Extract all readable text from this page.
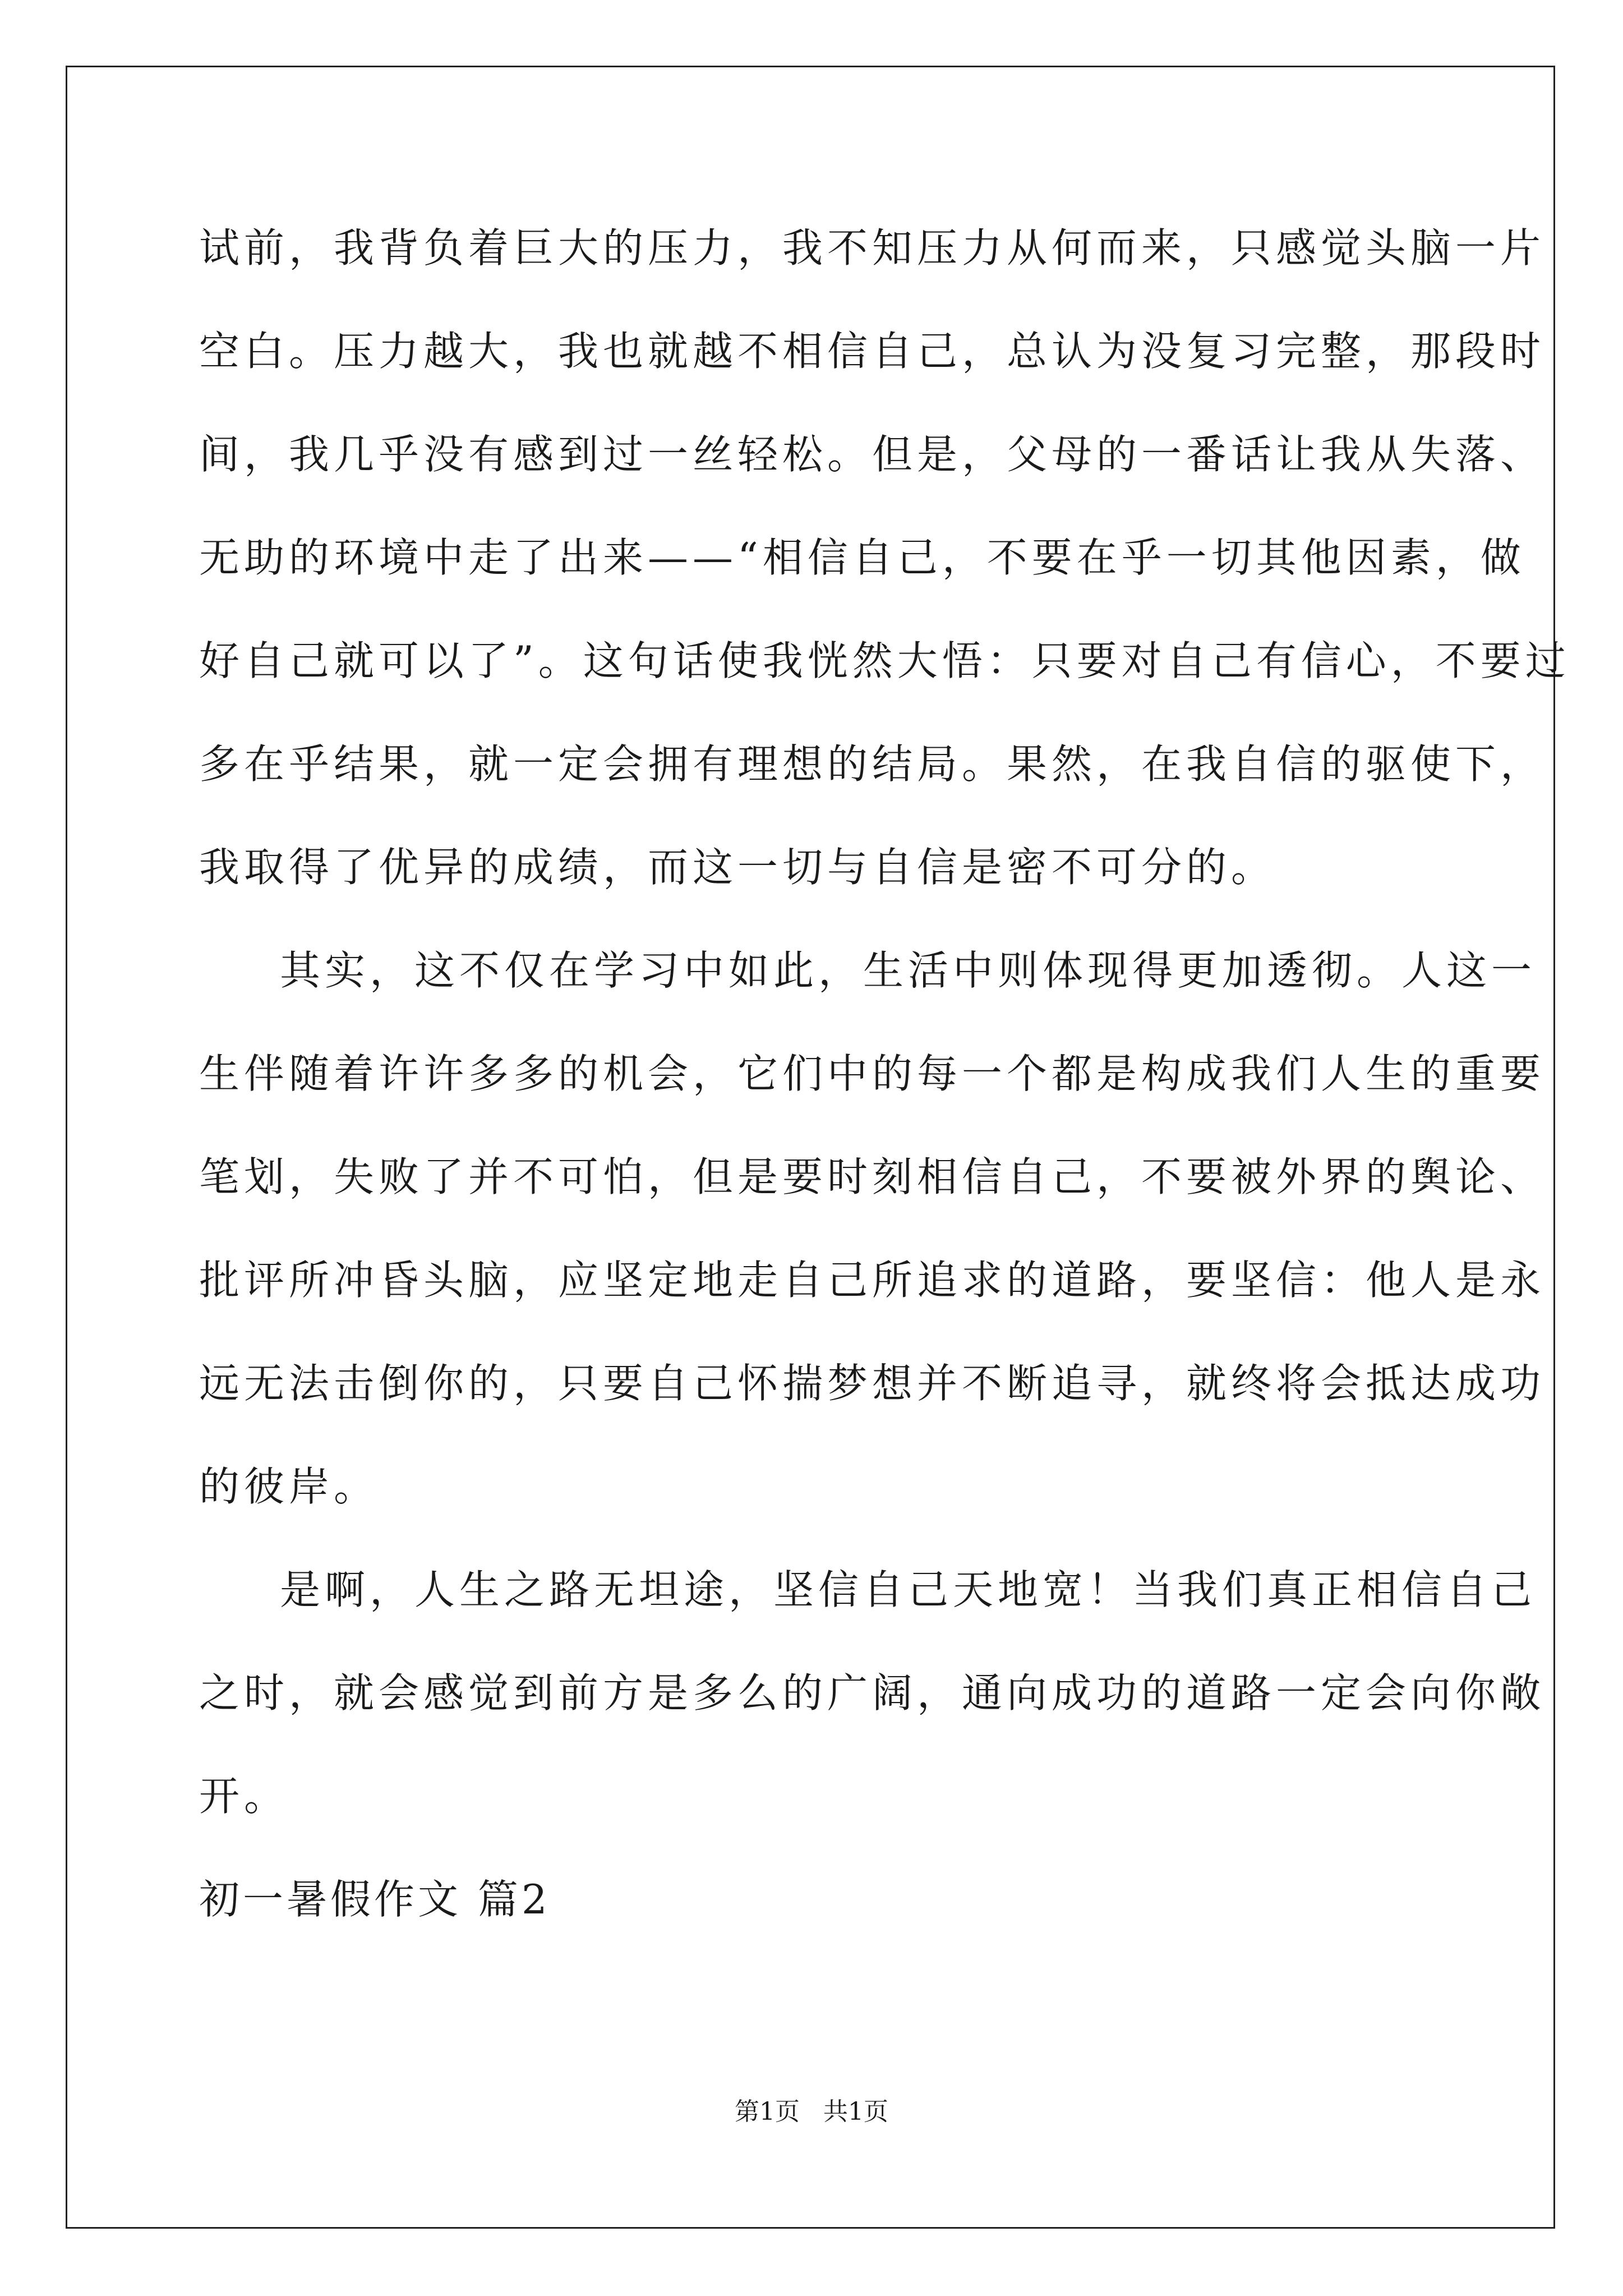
试前，我背负着巨大的压力，我不知压力从何而来，只感觉头脑一片
空白。压力越大，我也就越不相信自己，总认为没复习完整，那段时
间，我几乎没有感到过一丝轻松。但是，父母的一番话让我从失落、
无助的环境中走了出来——“相信自己，不要在乎一切其他因素，做
好自己就可以了”。这句话使我恍然大悟：只要对自己有信心，不要过
多在乎结果，就一定会拥有理想的结局。果然，在我自信的驱使下，
我取得了优异的成绩，而这一切与自信是密不可分的。
其实，这不仅在学习中如此，生活中则体现得更加透彻。人这一
生伴随着许许多多的机会，它们中的每一个都是构成我们人生的重要
笔划，失败了并不可怕，但是要时刻相信自己，不要被外界的舆论、
批评所冲昏头脑，应坚定地走自己所追求的道路，要坚信：他人是永
远无法击倒你的，只要自己怀揣梦想并不断追寻，就终将会抵达成功
的彼岸。
是啊，人生之路无坦途，坚信自己天地宽！当我们真正相信自己
之时，就会感觉到前方是多么的广阔，通向成功的道路一定会向你敞
开。
初一暑假作文 篇2
第1页   共1页
